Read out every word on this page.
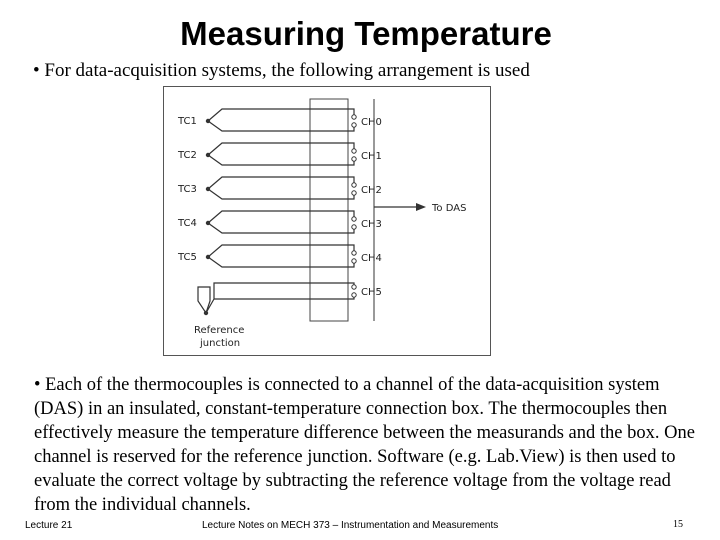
Measuring Temperature
• For data-acquisition systems, the following arrangement is used
TC1
TC2
TC3
TC4
TC5
CH0
CH1
CH2
CH3
CH4
CH5
To DAS
Reference
junction

• Each of the thermocouples is connected to a channel of the data-acquisition system (DAS) in an insulated, constant-temperature connection box. The thermocouples then effectively measure the temperature difference between the measurands and the box. One channel is reserved for the reference junction. Software (e.g. Lab.View) is then used to evaluate the correct voltage by subtracting the reference voltage from the voltage read from the individual channels.

Lecture 21	Lecture Notes on MECH 373 – Instrumentation and Measurements	15
